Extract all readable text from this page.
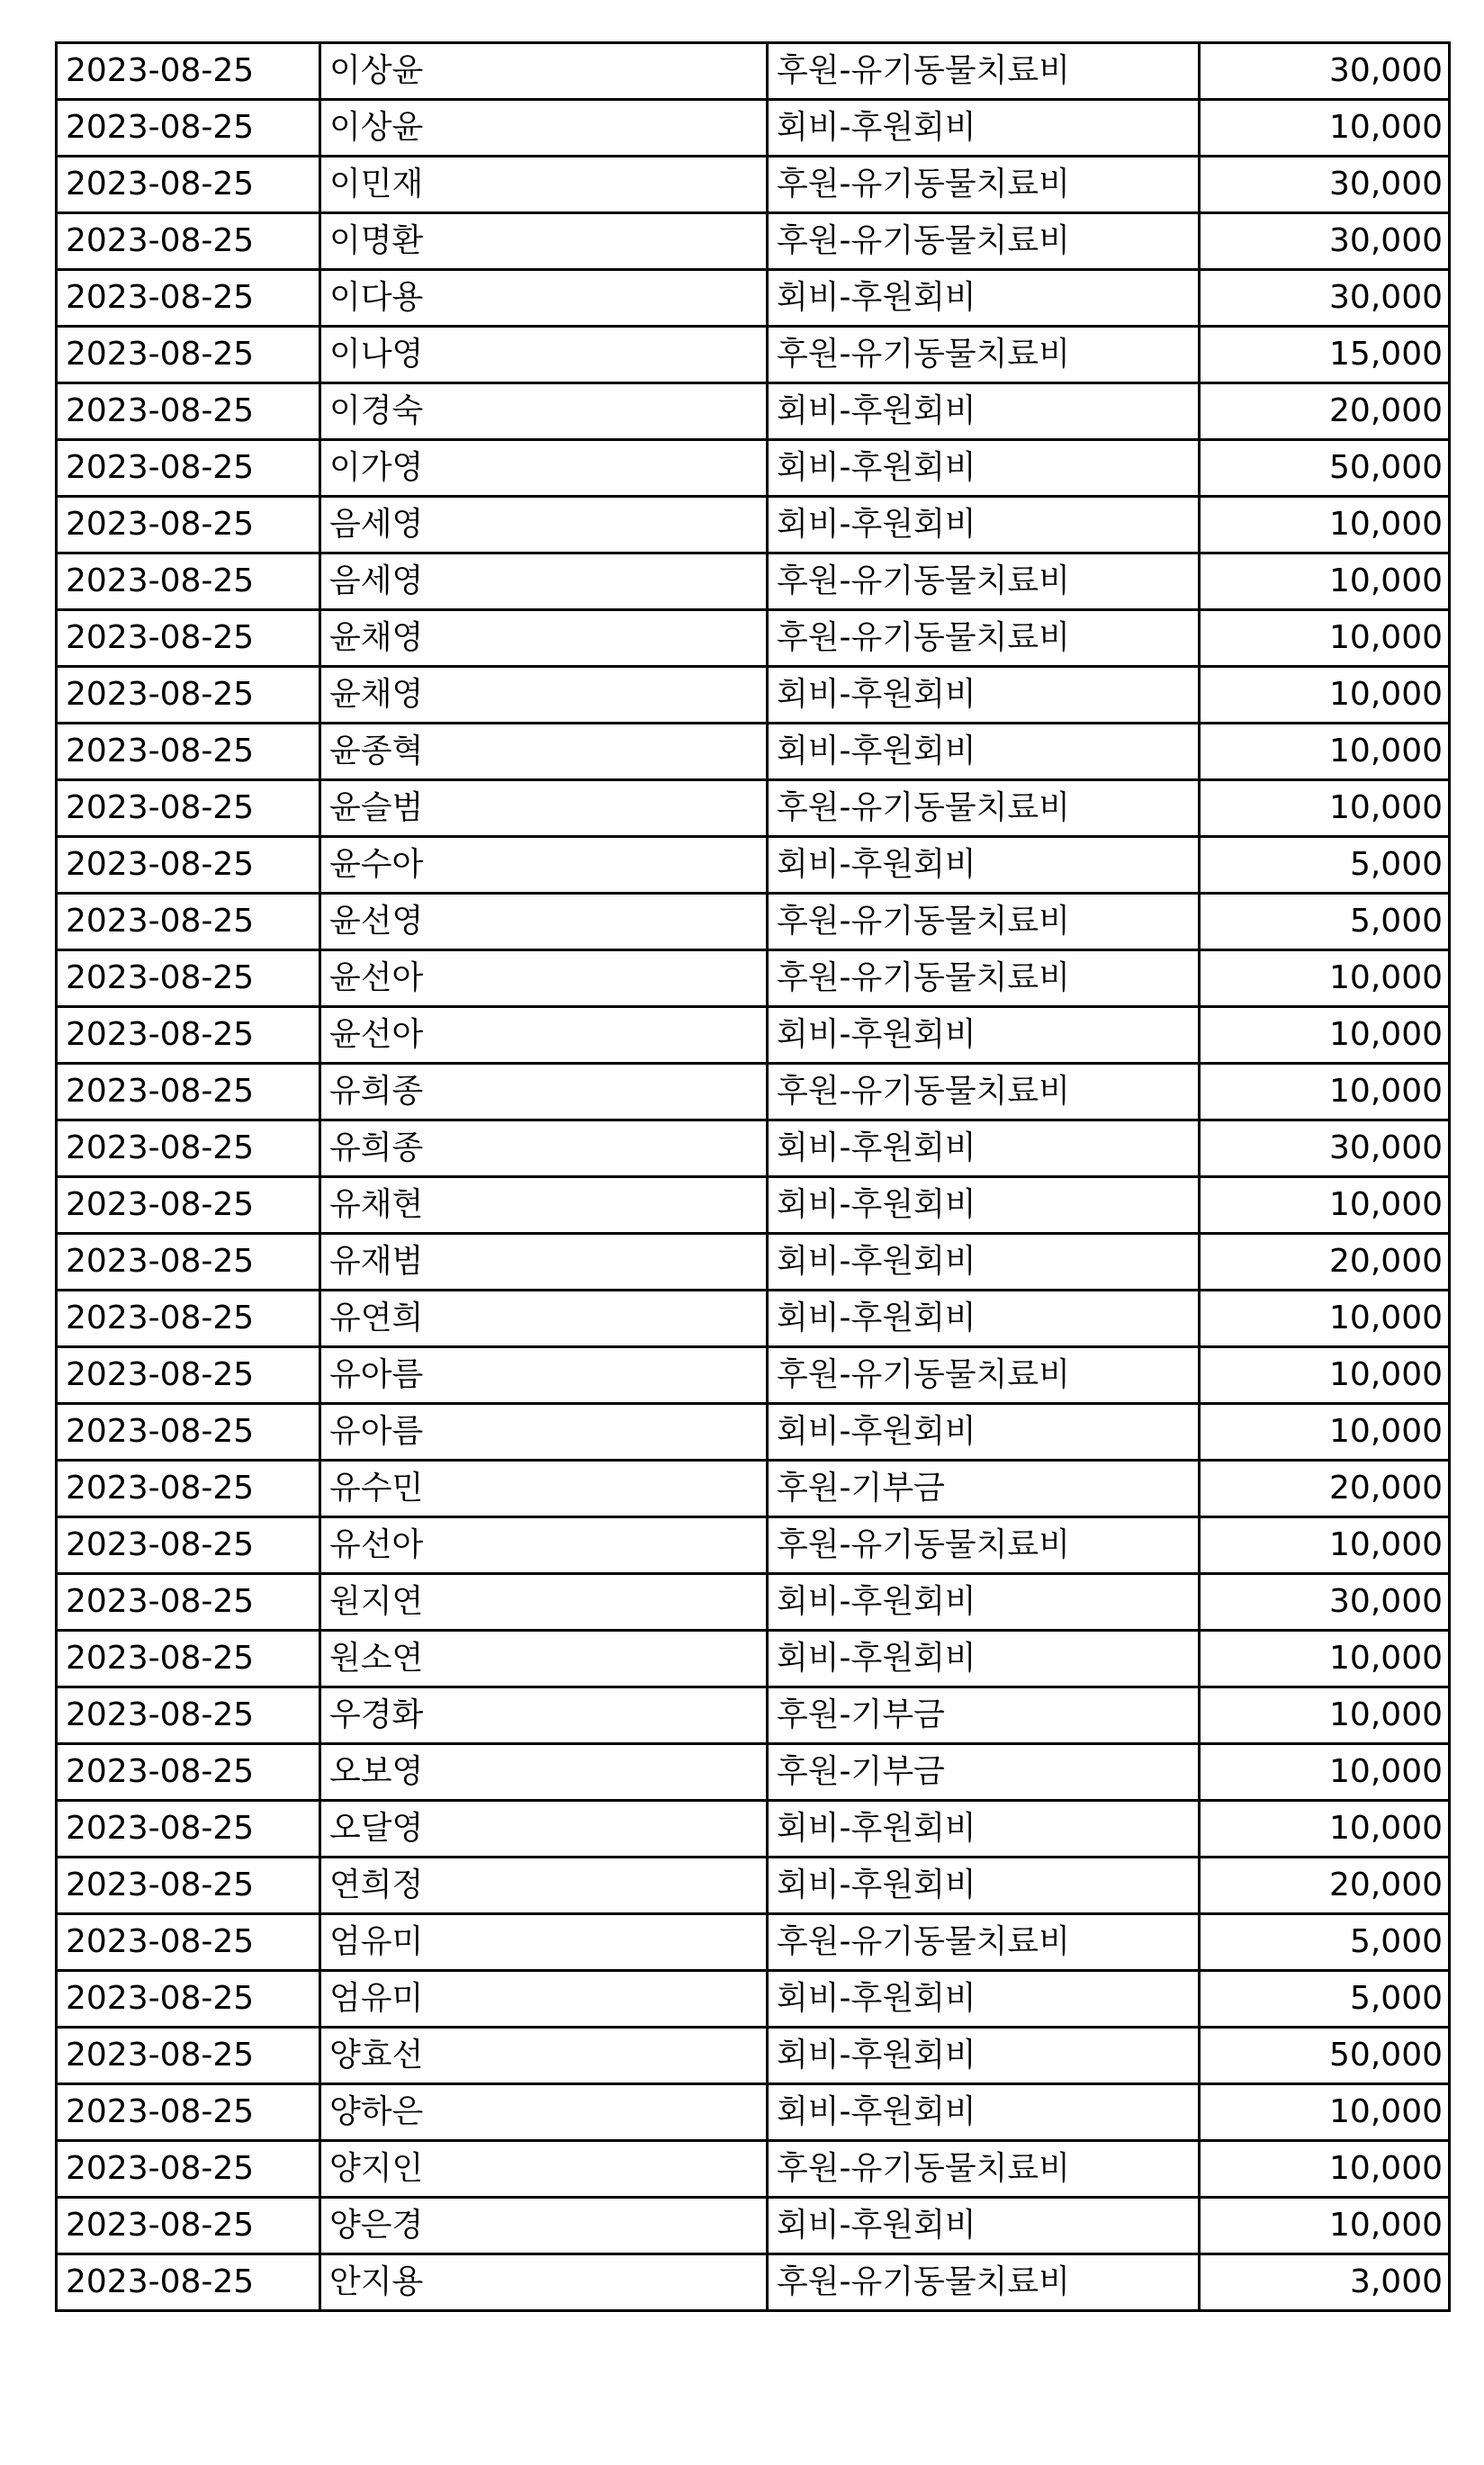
2023-08-25	이상윤	후원-유기동물치료비	30,000
2023-08-25	이상윤	회비-후원회비	10,000
2023-08-25	이민재	후원-유기동물치료비	30,000
2023-08-25	이명환	후원-유기동물치료비	30,000
2023-08-25	이다용	회비-후원회비	30,000
2023-08-25	이나영	후원-유기동물치료비	15,000
2023-08-25	이경숙	회비-후원회비	20,000
2023-08-25	이가영	회비-후원회비	50,000
2023-08-25	음세영	회비-후원회비	10,000
2023-08-25	음세영	후원-유기동물치료비	10,000
2023-08-25	윤채영	후원-유기동물치료비	10,000
2023-08-25	윤채영	회비-후원회비	10,000
2023-08-25	윤종혁	회비-후원회비	10,000
2023-08-25	윤슬범	후원-유기동물치료비	10,000
2023-08-25	윤수아	회비-후원회비	5,000
2023-08-25	윤선영	후원-유기동물치료비	5,000
2023-08-25	윤선아	후원-유기동물치료비	10,000
2023-08-25	윤선아	회비-후원회비	10,000
2023-08-25	유희종	후원-유기동물치료비	10,000
2023-08-25	유희종	회비-후원회비	30,000
2023-08-25	유채현	회비-후원회비	10,000
2023-08-25	유재범	회비-후원회비	20,000
2023-08-25	유연희	회비-후원회비	10,000
2023-08-25	유아름	후원-유기동물치료비	10,000
2023-08-25	유아름	회비-후원회비	10,000
2023-08-25	유수민	후원-기부금	20,000
2023-08-25	유선아	후원-유기동물치료비	10,000
2023-08-25	원지연	회비-후원회비	30,000
2023-08-25	원소연	회비-후원회비	10,000
2023-08-25	우경화	후원-기부금	10,000
2023-08-25	오보영	후원-기부금	10,000
2023-08-25	오달영	회비-후원회비	10,000
2023-08-25	연희정	회비-후원회비	20,000
2023-08-25	엄유미	후원-유기동물치료비	5,000
2023-08-25	엄유미	회비-후원회비	5,000
2023-08-25	양효선	회비-후원회비	50,000
2023-08-25	양하은	회비-후원회비	10,000
2023-08-25	양지인	후원-유기동물치료비	10,000
2023-08-25	양은경	회비-후원회비	10,000
2023-08-25	안지용	후원-유기동물치료비	3,000
